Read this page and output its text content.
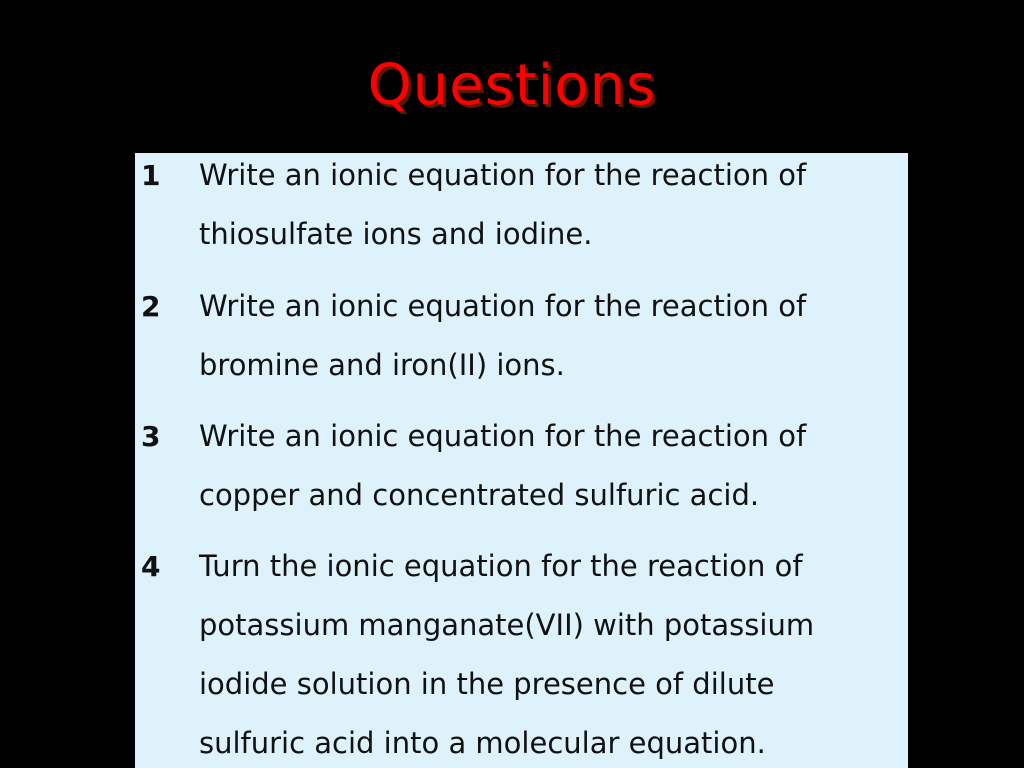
Questions
1 Write an ionic equation for the reaction of
thiosulfate ions and iodine.
2 Write an ionic equation for the reaction of
bromine and iron(II) ions.
3 Write an ionic equation for the reaction of
copper and concentrated sulfuric acid.
4 Turn the ionic equation for the reaction of
potassium manganate(VII) with potassium
iodide solution in the presence of dilute
sulfuric acid into a molecular equation.
